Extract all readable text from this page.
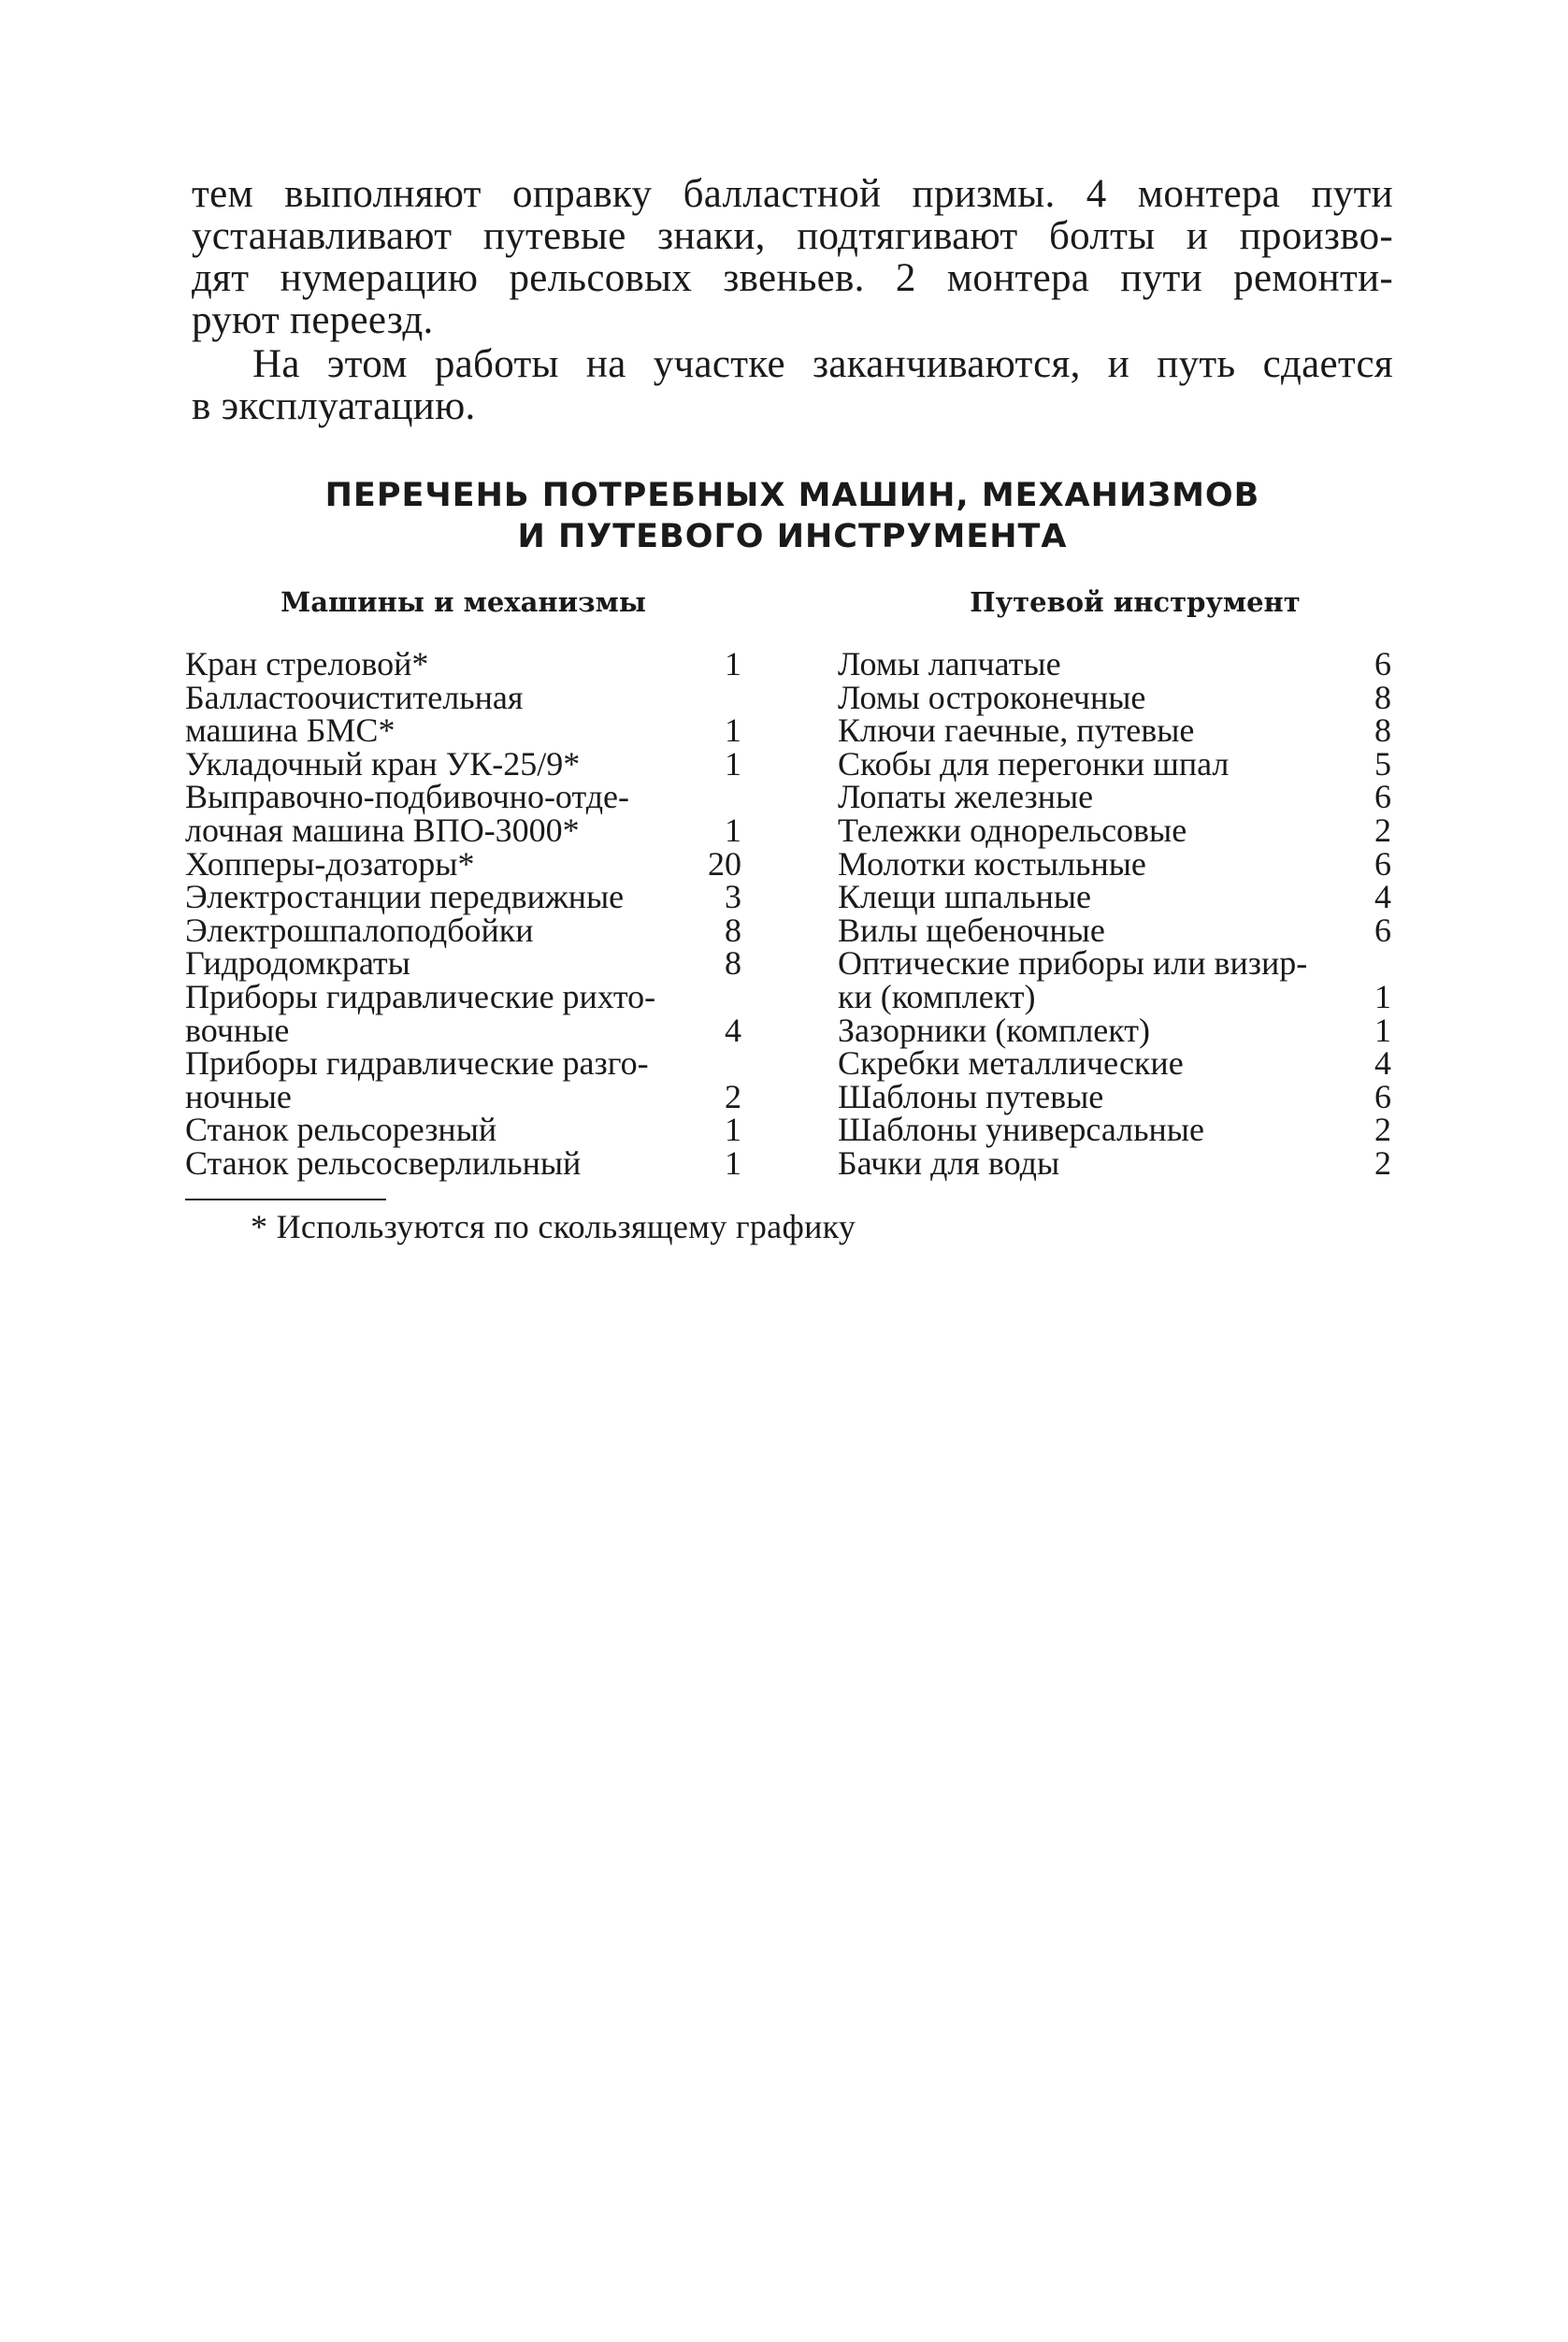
тем выполняют оправку балластной призмы. 4 монтера пути
устанавливают путевые знаки, подтягивают болты и произво-
дят нумерацию рельсовых звеньев. 2 монтера пути ремонти-
руют переезд.
На этом работы на участке заканчиваются, и путь сдается
в эксплуатацию.
ПЕРЕЧЕНЬ ПОТРЕБНЫХ МАШИН, МЕХАНИЗМОВ
И ПУТЕВОГО ИНСТРУМЕНТА
Машины и механизмы	Путевой инструмент
Кран стреловой*	1
Балластоочистительная
машина БМС*	1
Укладочный кран УК-25/9*	1
Выправочно-подбивочно-отде-
лочная машина ВПО-3000*	1
Хопперы-дозаторы*	20
Электростанции передвижные	3
Электрошпалоподбойки	8
Гидродомкраты	8
Приборы гидравлические рихто-
вочные	4
Приборы гидравлические разго-
ночные	2
Станок рельсорезный	1
Станок рельсосверлильный	1
Ломы лапчатые	6
Ломы остроконечные	8
Ключи гаечные, путевые	8
Скобы для перегонки шпал	5
Лопаты железные	6
Тележки однорельсовые	2
Молотки костыльные	6
Клещи шпальные	4
Вилы щебеночные	6
Оптические приборы или визир-
ки (комплект)	1
Зазорники (комплект)	1
Скребки металлические	4
Шаблоны путевые	6
Шаблоны универсальные	2
Бачки для воды	2
* Используются по скользящему графику
